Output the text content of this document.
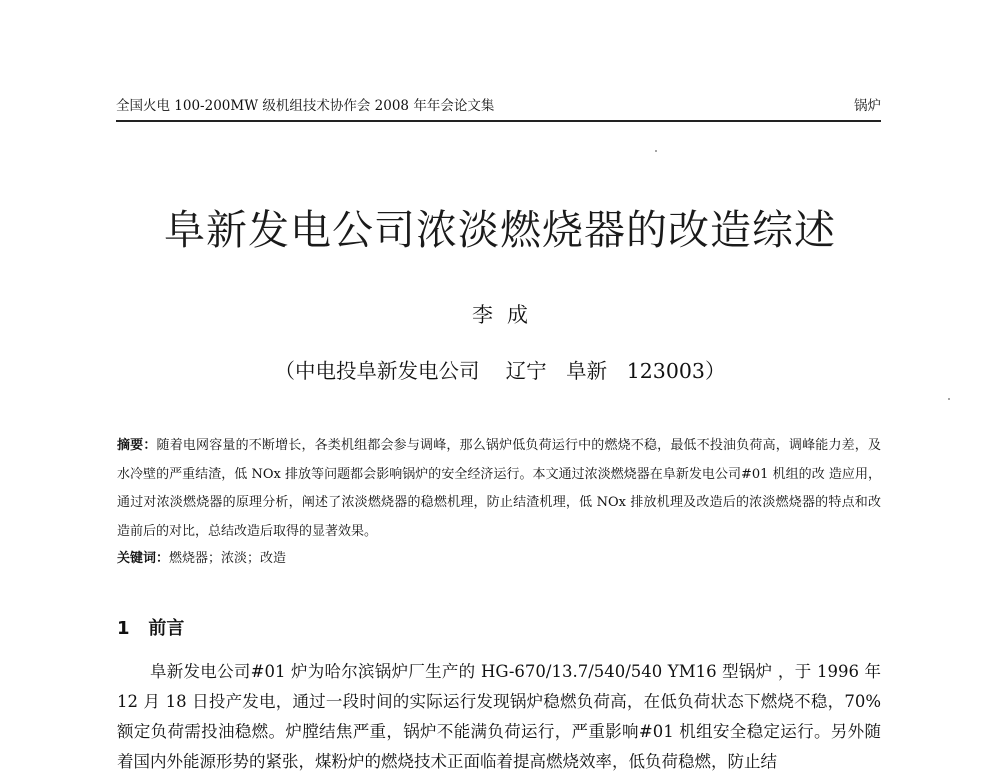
全国火电 100-200MW 级机组技术协作会 2008 年年会论文集	锅炉
阜新发电公司浓淡燃烧器的改造综述
李成
（中电投阜新发电公司    辽宁   阜新   123003）
摘要：随着电网容量的不断增长，各类机组都会参与调峰，那么锅炉低负荷运行中的燃烧不稳，最低不投油负荷高，调峰能力差，及水冷壁的严重结渣，低 NOx 排放等问题都会影响锅炉的安全经济运行。本文通过浓淡燃烧器在阜新发电公司#01 机组的改 造应用，通过对浓淡燃烧器的原理分析，阐述了浓淡燃烧器的稳燃机理，防止结渣机理，低 NOx 排放机理及改造后的浓淡燃烧器的特点和改造前后的对比，总结改造后取得的显著效果。
关键词：燃烧器；浓淡；改造
1 前言
阜新发电公司#01 炉为哈尔滨锅炉厂生产的 HG-670/13.7/540/540 YM16 型锅炉 ，于 1996 年 12 月 18 日投产发电，通过一段时间的实际运行发现锅炉稳燃负荷高，在低负荷状态下燃烧不稳，70% 额定负荷需投油稳燃。炉膛结焦严重，锅炉不能满负荷运行，严重影响#01 机组安全稳定运行。另外随着国内外能源形势的紧张，煤粉炉的燃烧技术正面临着提高燃烧效率，低负荷稳燃，防止结
